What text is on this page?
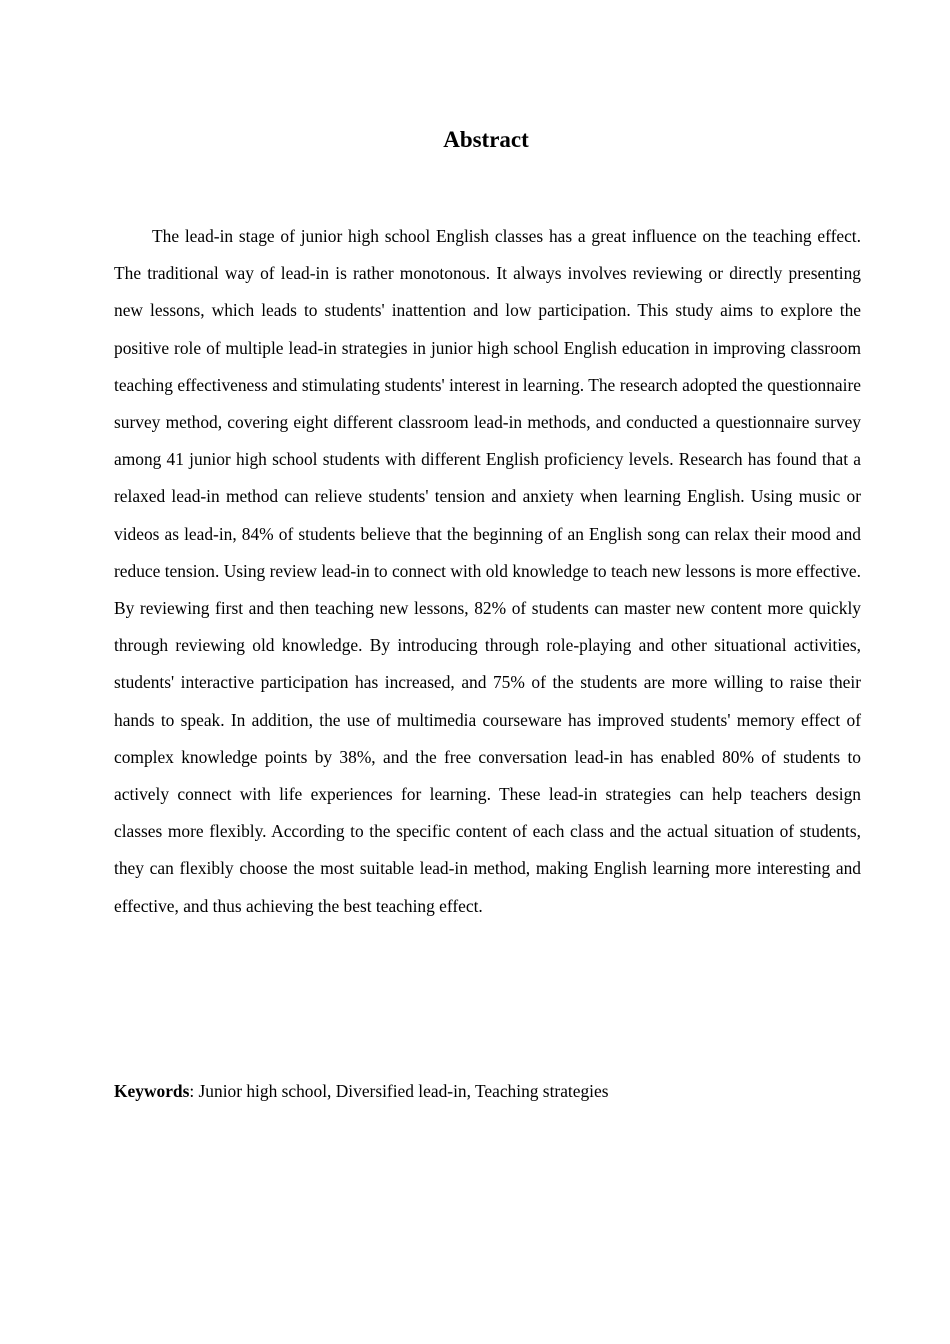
Abstract

The lead-in stage of junior high school English classes has a great influence on the teaching effect. The traditional way of lead-in is rather monotonous. It always involves reviewing or directly presenting new lessons, which leads to students' inattention and low participation. This study aims to explore the positive role of multiple lead-in strategies in junior high school English education in improving classroom teaching effectiveness and stimulating students' interest in learning. The research adopted the questionnaire survey method, covering eight different classroom lead-in methods, and conducted a questionnaire survey among 41 junior high school students with different English proficiency levels. Research has found that a relaxed lead-in method can relieve students' tension and anxiety when learning English. Using music or videos as lead-in, 84% of students believe that the beginning of an English song can relax their mood and reduce tension. Using review lead-in to connect with old knowledge to teach new lessons is more effective. By reviewing first and then teaching new lessons, 82% of students can master new content more quickly through reviewing old knowledge. By introducing through role-playing and other situational activities, students' interactive participation has increased, and 75% of the students are more willing to raise their hands to speak. In addition, the use of multimedia courseware has improved students' memory effect of complex knowledge points by 38%, and the free conversation lead-in has enabled 80% of students to actively connect with life experiences for learning. These lead-in strategies can help teachers design classes more flexibly. According to the specific content of each class and the actual situation of students, they can flexibly choose the most suitable lead-in method, making English learning more interesting and effective, and thus achieving the best teaching effect.

Keywords: Junior high school, Diversified lead-in, Teaching strategies
